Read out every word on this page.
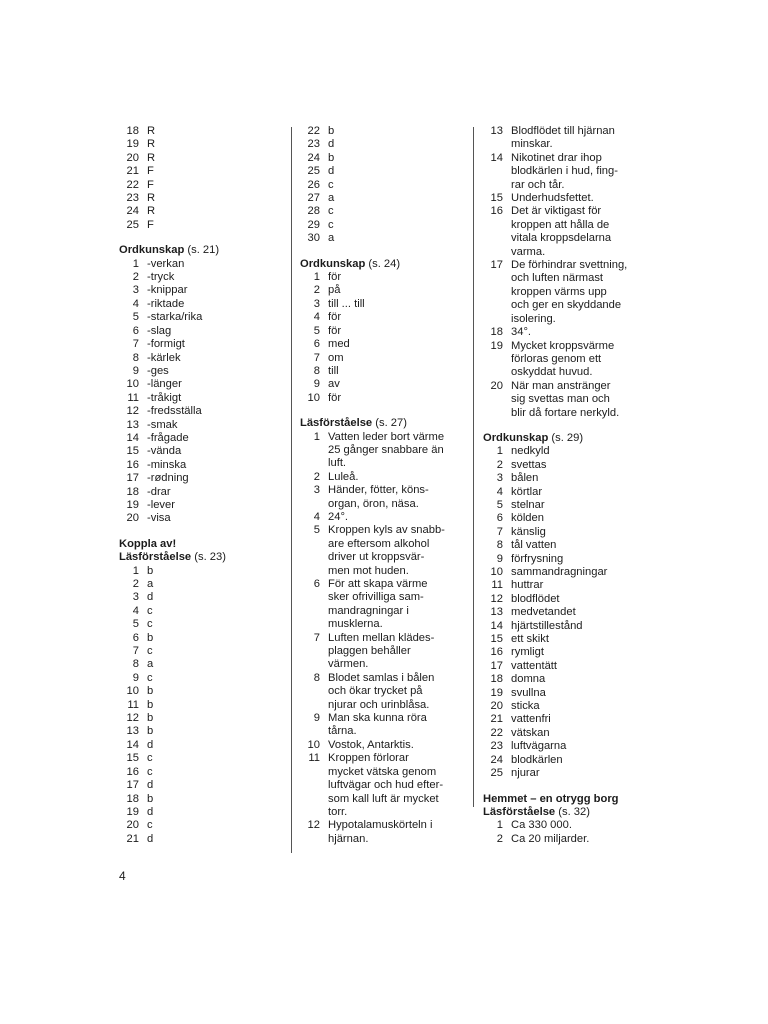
18 R
19 R
20 R
21 F
22 F
23 R
24 R
25 F
Ordkunskap (s. 21)
1 -verkan
2 -tryck
3 -knippar
4 -riktade
5 -starka/rika
6 -slag
7 -formigt
8 -kärlek
9 -ges
10 -länger
11 -tråkigt
12 -fredsställa
13 -smak
14 -frågade
15 -vända
16 -minska
17 -rødning
18 -drar
19 -lever
20 -visa
Koppla av!
Läsförståelse (s. 23)
1 b
2 a
3 d
4 c
5 c
6 b
7 c
8 a
9 c
10 b
11 b
12 b
13 b
14 d
15 c
16 c
17 d
18 b
19 d
20 c
21 d
22 b
23 d
24 b
25 d
26 c
27 a
28 c
29 c
30 a
Ordkunskap (s. 24)
1 för
2 på
3 till ... till
4 för
5 för
6 med
7 om
8 till
9 av
10 för
Läsförståelse (s. 27)
1 Vatten leder bort värme
25 gånger snabbare än
luft.
2 Luleå.
3 Händer, fötter, köns-
organ, öron, näsa.
4 24°.
5 Kroppen kyls av snabb-
are eftersom alkohol
driver ut kroppsvär-
men mot huden.
6 För att skapa värme
sker ofrivilliga sam-
mandragningar i
musklerna.
7 Luften mellan klädes-
plaggen behåller
värmen.
8 Blodet samlas i bålen
och ökar trycket på
njurar och urinblåsa.
9 Man ska kunna röra
tårna.
10 Vostok, Antarktis.
11 Kroppen förlorar
mycket vätska genom
luftvägar och hud efter-
som kall luft är mycket
torr.
12 Hypotalamuskörteln i
hjärnan.
13 Blodflödet till hjärnan
minskar.
14 Nikotinet drar ihop
blodkärlen i hud, fing-
rar och tår.
15 Underhudsfettet.
16 Det är viktigast för
kroppen att hålla de
vitala kroppsdelarna
varma.
17 De förhindrar svettning,
och luften närmast
kroppen värms upp
och ger en skyddande
isolering.
18 34°.
19 Mycket kroppsvärme
förloras genom ett
oskyddat huvud.
20 När man anstränger
sig svettas man och
blir då fortare nerkyld.
Ordkunskap (s. 29)
1 nedkyld
2 svettas
3 bålen
4 körtlar
5 stelnar
6 kölden
7 känslig
8 tål vatten
9 förfrysning
10 sammandragningar
11 huttrar
12 blodflödet
13 medvetandet
14 hjärtstillestånd
15 ett skikt
16 rymligt
17 vattentätt
18 domna
19 svullna
20 sticka
21 vattenfri
22 vätskan
23 luftvägarna
24 blodkärlen
25 njurar
Hemmet – en otrygg borg
Läsförståelse (s. 32)
1 Ca 330 000.
2 Ca 20 miljarder.
4
